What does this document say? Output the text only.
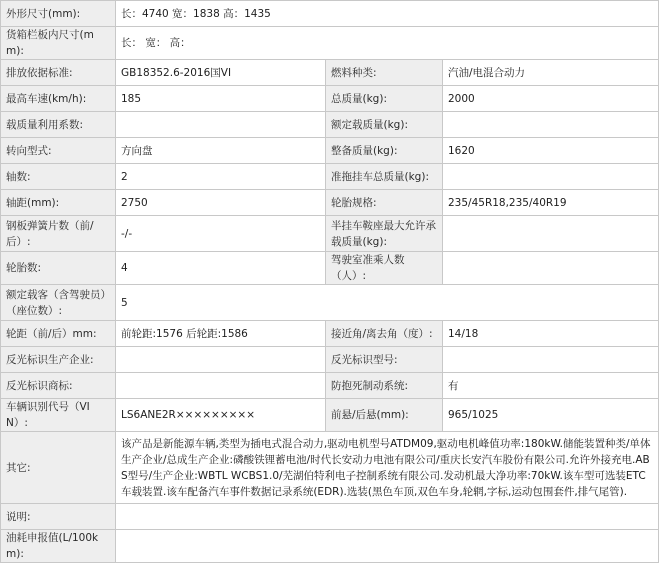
外形尺寸(mm):	长：4740 宽：1838 高：1435		
货箱栏板内尺寸(mm):	长： 宽： 高：		
排放依据标准:	GB18352.6-2016国VI	燃料种类:	汽油/电混合动力
最高车速(km/h):	185	总质量(kg):	2000
载质量利用系数:		额定载质量(kg):	
转向型式:	方向盘	整备质量(kg):	1620
轴数:	2	准拖挂车总质量(kg):	
轴距(mm):	2750	轮胎规格:	235/45R18,235/40R19
钢板弹簧片数（前/后）:	-/-	半挂车鞍座最大允许承载质量(kg):	
轮胎数:	4	驾驶室准乘人数（人）:	
额定载客（含驾驶员）（座位数）:	5		
轮距（前/后）mm:	前轮距:1576 后轮距:1586	接近角/离去角（度）:	14/18
反光标识生产企业:		反光标识型号:	
反光标识商标:		防抱死制动系统:	有
车辆识别代号（VIN）:	LS6ANE2R×××××××××	前悬/后悬(mm):	965/1025
其它:	该产品是新能源车辆,类型为插电式混合动力,驱动电机型号ATDM09,驱动电机峰值功率:180kW.储能装置种类/单体生产企业/总成生产企业:磷酸铁锂蓄电池/时代长安动力电池有限公司/重庆长安汽车股份有限公司.允许外接充电.ABS型号/生产企业:WBTL WCBS1.0/芜湖伯特利电子控制系统有限公司.发动机最大净功率:70kW.该车型可选装ETC车载装置.该车配备汽车事件数据记录系统(EDR).选装(黑色车顶,双色车身,轮辋,字标,运动包围套件,排气尾管).		
说明:			
油耗申报值(L/100km):			
